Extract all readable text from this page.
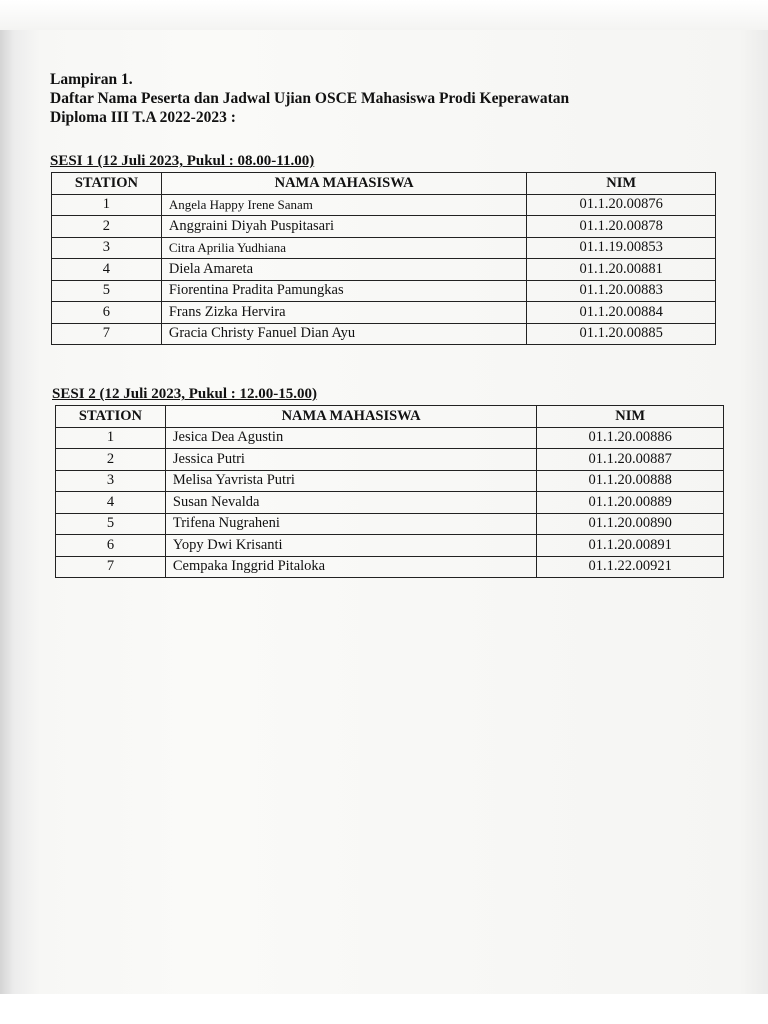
Lampiran 1.
Daftar Nama Peserta dan Jadwal Ujian OSCE Mahasiswa Prodi Keperawatan
Diploma III T.A 2022-2023 :
SESI 1 (12 Juli 2023, Pukul : 08.00-11.00)
STATION	NAMA MAHASISWA	NIM
1	Angela Happy Irene Sanam	01.1.20.00876
2	Anggraini Diyah Puspitasari	01.1.20.00878
3	Citra Aprilia Yudhiana	01.1.19.00853
4	Diela Amareta	01.1.20.00881
5	Fiorentina Pradita Pamungkas	01.1.20.00883
6	Frans Zizka Hervira	01.1.20.00884
7	Gracia Christy Fanuel Dian Ayu	01.1.20.00885
SESI 2 (12 Juli 2023, Pukul : 12.00-15.00)
STATION	NAMA MAHASISWA	NIM
1	Jesica Dea Agustin	01.1.20.00886
2	Jessica Putri	01.1.20.00887
3	Melisa Yavrista Putri	01.1.20.00888
4	Susan Nevalda	01.1.20.00889
5	Trifena Nugraheni	01.1.20.00890
6	Yopy Dwi Krisanti	01.1.20.00891
7	Cempaka Inggrid Pitaloka	01.1.22.00921
